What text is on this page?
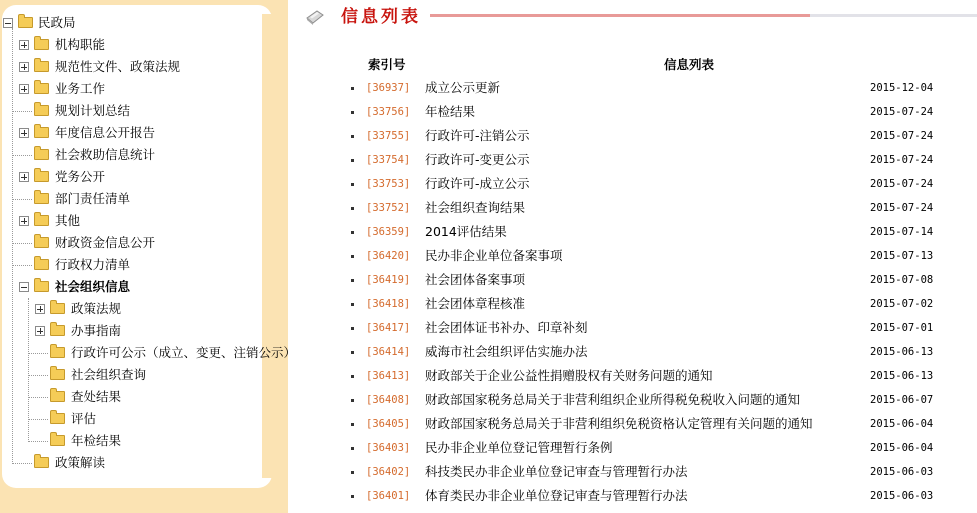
民政局
机构职能
规范性文件、政策法规
业务工作
规划计划总结
年度信息公开报告
社会救助信息统计
党务公开
部门责任清单
其他
财政资金信息公开
行政权力清单
社会组织信息
政策法规
办事指南
行政许可公示（成立、变更、注销公示）
社会组织查询
查处结果
评估
年检结果
政策解读
信息列表
索引号	信息列表
[36937] 成立公示更新	2015-12-04
[33756] 年检结果	2015-07-24
[33755] 行政许可-注销公示	2015-07-24
[33754] 行政许可-变更公示	2015-07-24
[33753] 行政许可-成立公示	2015-07-24
[33752] 社会组织查询结果	2015-07-24
[36359] 2014评估结果	2015-07-14
[36420] 民办非企业单位备案事项	2015-07-13
[36419] 社会团体备案事项	2015-07-08
[36418] 社会团体章程核准	2015-07-02
[36417] 社会团体证书补办、印章补刻	2015-07-01
[36414] 威海市社会组织评估实施办法	2015-06-13
[36413] 财政部关于企业公益性捐赠股权有关财务问题的通知	2015-06-13
[36408] 财政部国家税务总局关于非营利组织企业所得税免税收入问题的通知	2015-06-07
[36405] 财政部国家税务总局关于非营利组织免税资格认定管理有关问题的通知	2015-06-04
[36403] 民办非企业单位登记管理暂行条例	2015-06-04
[36402] 科技类民办非企业单位登记审查与管理暂行办法	2015-06-03
[36401] 体育类民办非企业单位登记审查与管理暂行办法	2015-06-03
